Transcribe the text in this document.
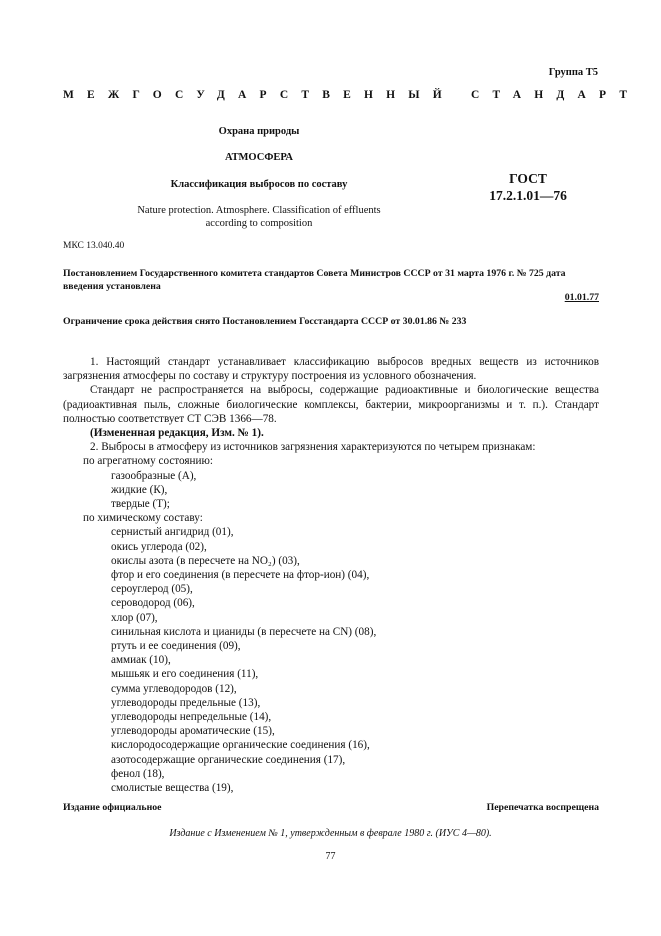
Группа Т5
МЕЖГОСУДАРСТВЕННЫЙ СТАНДАРТ
Охрана природы
АТМОСФЕРА
Классификация выбросов по составу
Nature protection. Atmosphere. Classification of effluents
according to composition
ГОСТ
17.2.1.01—76
МКС 13.040.40
Постановлением Государственного комитета стандартов Совета Министров СССР от 31 марта 1976 г. № 725 дата введения установлена
01.01.77
Ограничение срока действия снято Постановлением Госстандарта СССР от 30.01.86 № 233

1. Настоящий стандарт устанавливает классификацию выбросов вредных веществ из источников загрязнения атмосферы по составу и структуру построения из условного обозначения.

Стандарт не распространяется на выбросы, содержащие радиоактивные и биологические вещества (радиоактивная пыль, сложные биологические комплексы, бактерии, микроорганизмы и т. п.). Стандарт полностью соответствует СТ СЭВ 1366—78.

(Измененная редакция, Изм. № 1).

2. Выбросы в атмосферу из источников загрязнения характеризуются по четырем признакам:

по агрегатному состоянию:

газообразные (А),

жидкие (К),

твердые (Т);

по химическому составу:

сернистый ангидрид (01),

окись углерода (02),

окислы азота (в пересчете на NO₂) (03),

фтор и его соединения (в пересчете на фтор-ион) (04),

сероуглерод (05),

сероводород (06),

хлор (07),

синильная кислота и цианиды (в пересчете на CN) (08),

ртуть и ее соединения (09),

аммиак (10),

мышьяк и его соединения (11),

сумма углеводородов (12),

углеводороды предельные (13),

углеводороды непредельные (14),

углеводороды ароматические (15),

кислородосодержащие органические соединения (16),

азотосодержащие органические соединения (17),

фенол (18),

смолистые вещества (19),

Издание официальное	Перепечатка воспрещена
Издание с Изменением № 1, утвержденным в феврале 1980 г. (ИУС 4—80).
77
